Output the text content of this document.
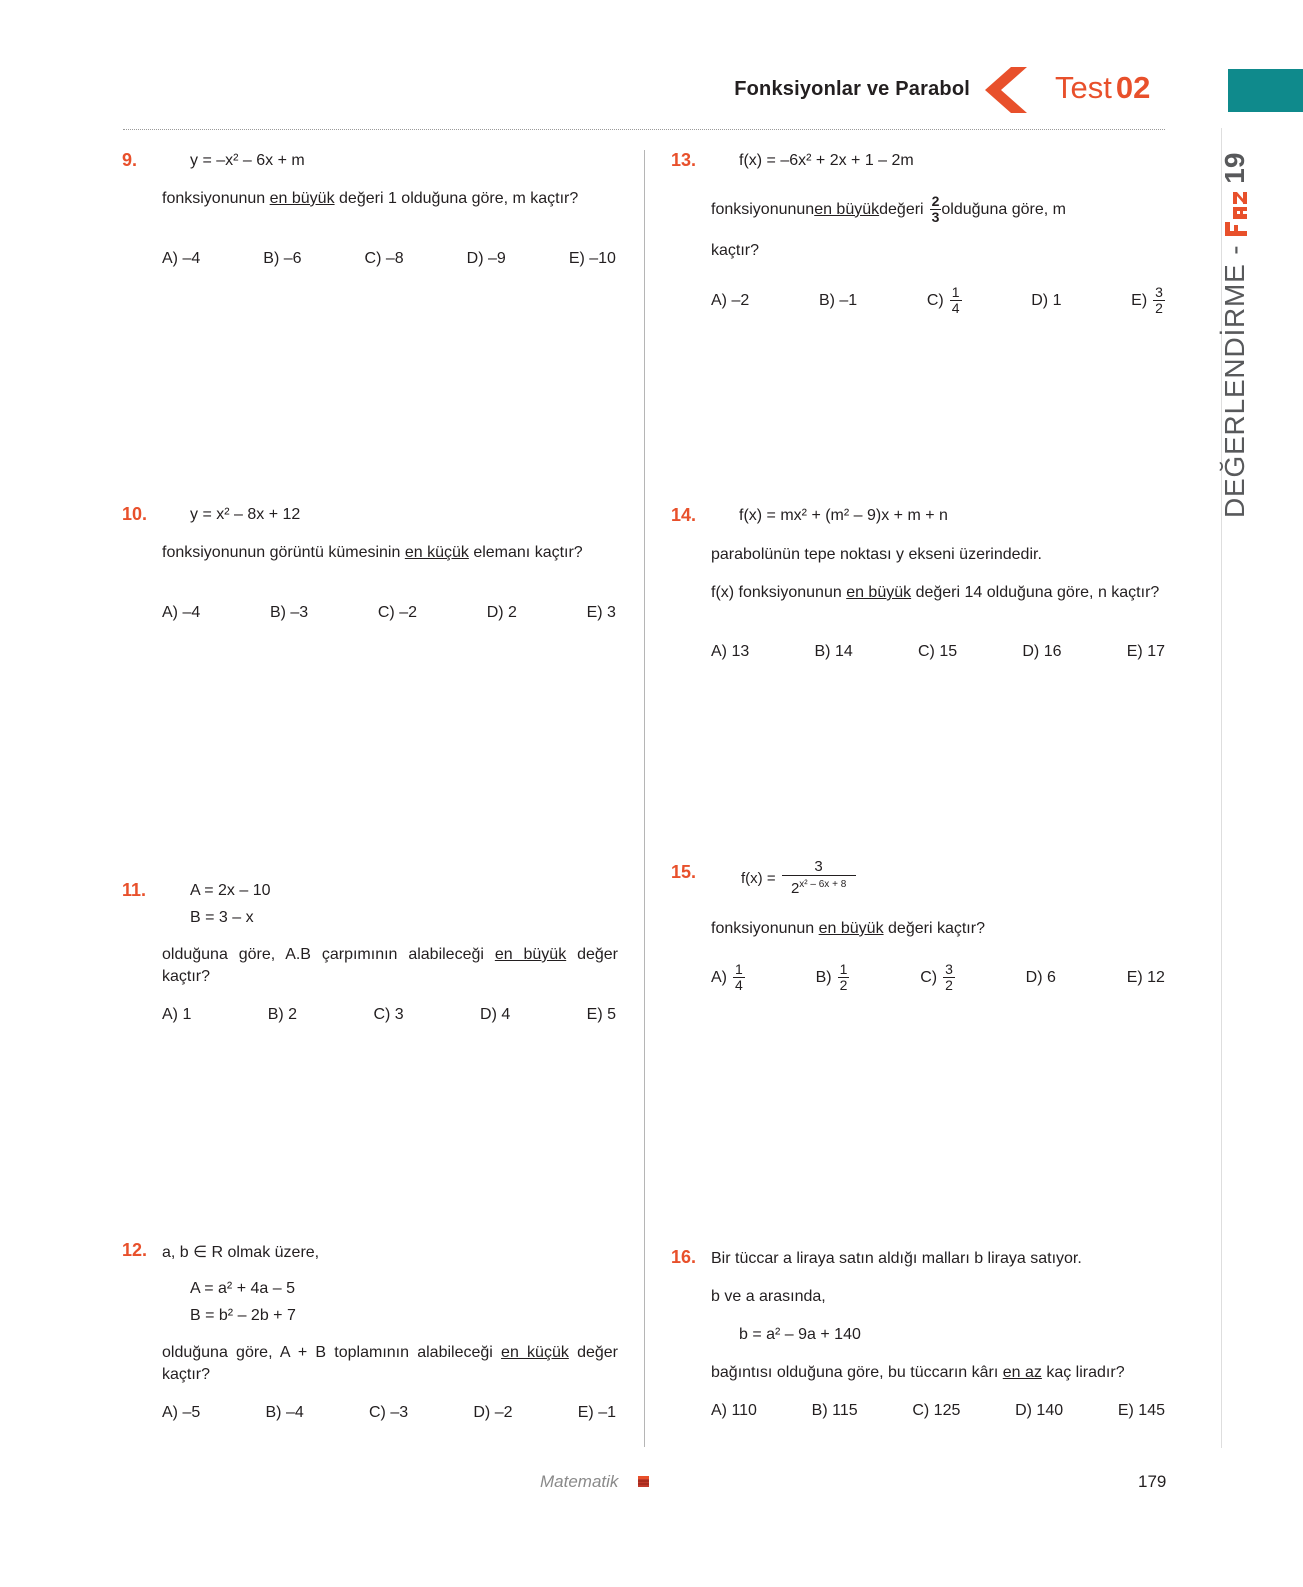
Fonksiyonlar ve Parabol	Test 02
DEĞERLENDİRME -  19
9.	y = –x² – 6x + m
fonksiyonunun en büyük değeri 1 olduğuna göre, m kaçtır?
A) –4	B) –6	C) –8	D) –9	E) –10
10.	y = x² – 8x + 12
fonksiyonunun görüntü kümesinin en küçük elemanı kaçtır?
A) –4	B) –3	C) –2	D) 2	E) 3
11.	A = 2x – 10
B = 3 – x
olduğuna göre, A.B çarpımının alabileceği en büyük değer kaçtır?
A) 1	B) 2	C) 3	D) 4	E) 5
12. a, b ∈ R olmak üzere,
A = a² + 4a – 5
B = b² – 2b + 7
olduğuna göre, A + B toplamının alabileceği en küçük değer kaçtır?
A) –5	B) –4	C) –3	D) –2	E) –1
13.	f(x) = –6x² + 2x + 1 – 2m
fonksiyonunun en büyük değeri $\frac{2}{3}$ olduğuna göre, m
kaçtır?
A) –2	B) –1	$C) \frac{1}{4}$	D) 1	$E) \frac{3}{2}$
14.	f(x) = mx² + (m² – 9)x + m + n
parabolünün tepe noktası y ekseni üzerindedir.
f(x) fonksiyonunun en büyük değeri 14 olduğuna göre, n kaçtır?
A) 13	B) 14	C) 15	D) 16	E) 17
15.	$f(x) = \frac{3}{2^{x^2 - 6x + 8}}$
fonksiyonunun en büyük değeri kaçtır?
$A) \frac{1}{4}$	$B) \frac{1}{2}$	$C) \frac{3}{2}$	D) 6	E) 12
16. Bir tüccar a liraya satın aldığı malları b liraya satıyor.
b ve a arasında,
b = a² – 9a + 140
bağıntısı olduğuna göre, bu tüccarın kârı en az kaç liradır?
A) 110	B) 115	C) 125	D) 140	E) 145
Matematik	179
